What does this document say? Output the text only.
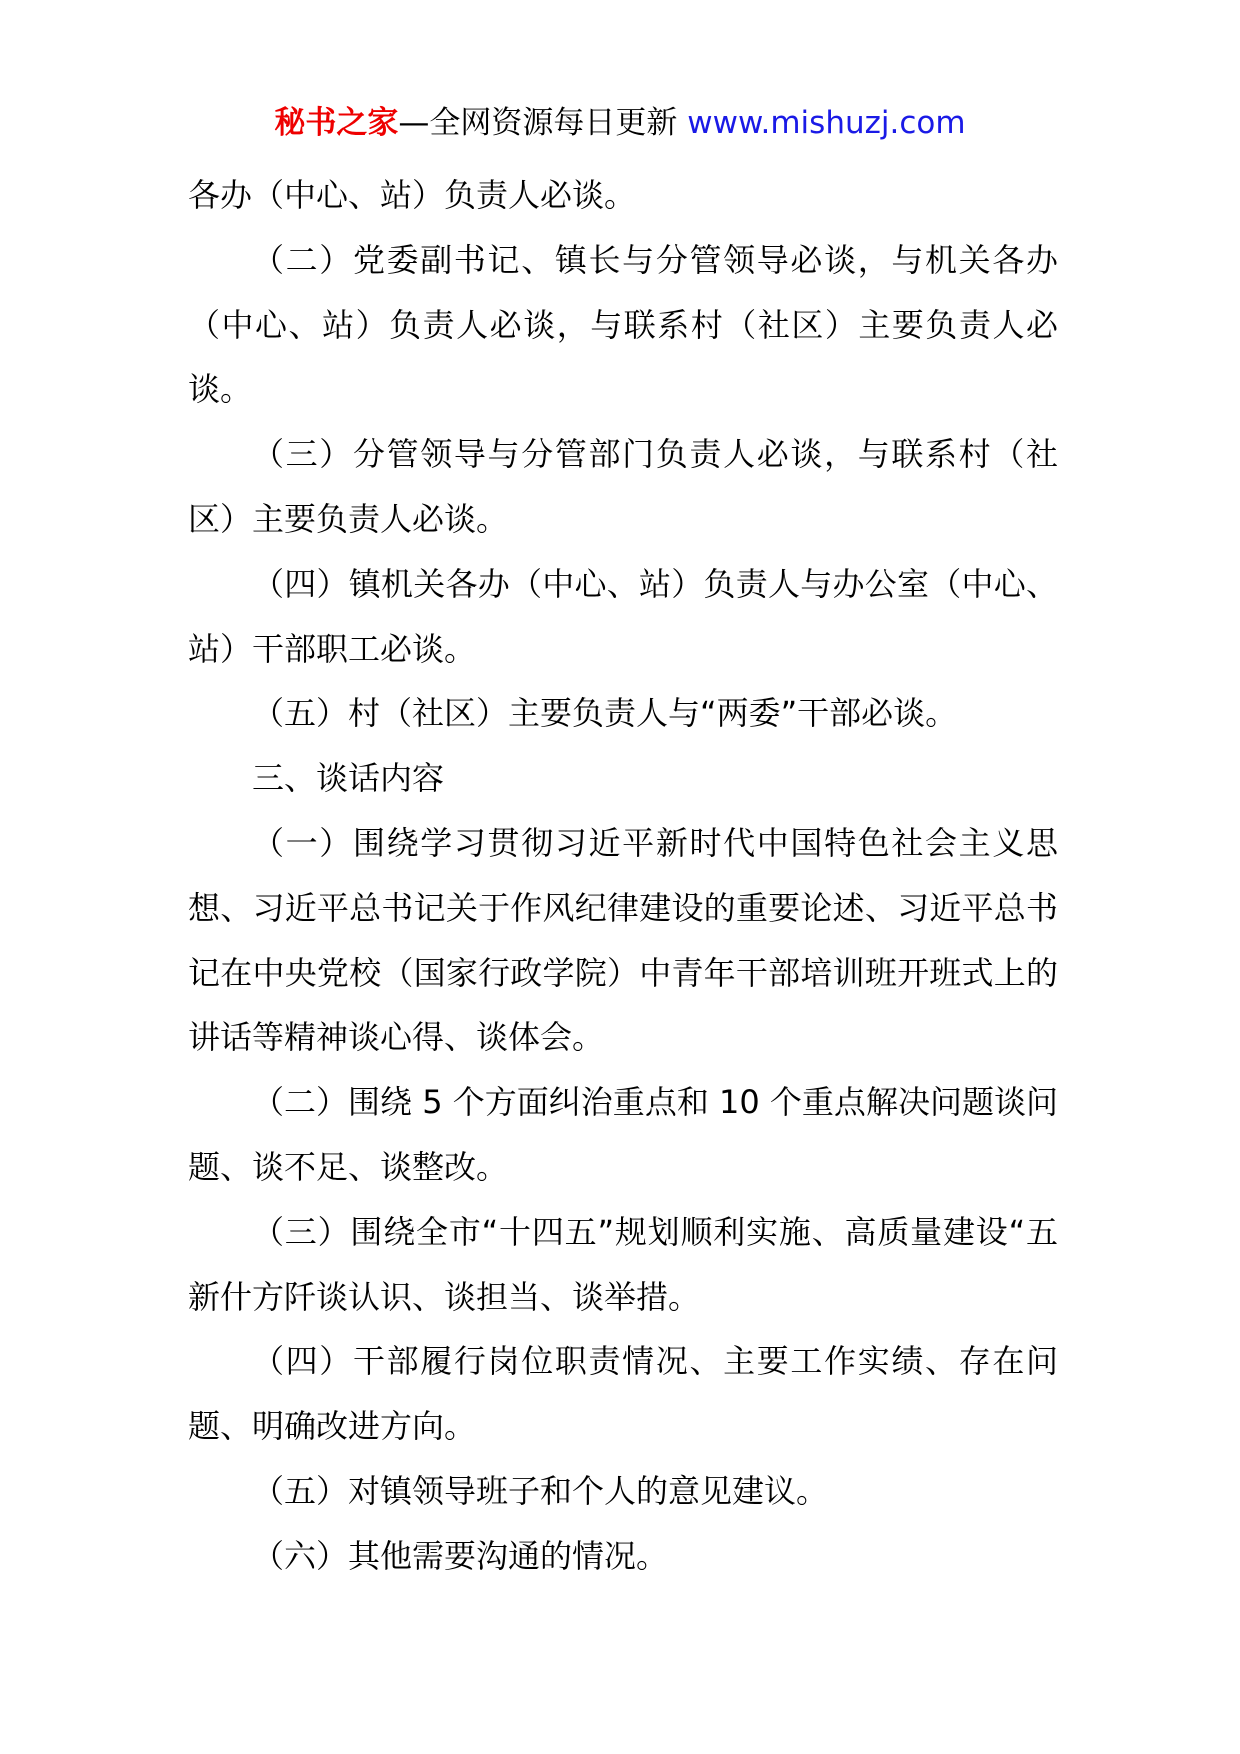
秘书之家—全网资源每日更新 www.mishuzj.com

各办（中心、站）负责人必谈。

（二）党委副书记、镇长与分管领导必谈，与机关各办（中心、站）负责人必谈，与联系村（社区）主要负责人必谈。

（三）分管领导与分管部门负责人必谈，与联系村（社区）主要负责人必谈。

（四）镇机关各办（中心、站）负责人与办公室（中心、站）干部职工必谈。

（五）村（社区）主要负责人与“两委”干部必谈。

三、谈话内容

（一）围绕学习贯彻习近平新时代中国特色社会主义思想、习近平总书记关于作风纪律建设的重要论述、习近平总书记在中央党校（国家行政学院）中青年干部培训班开班式上的讲话等精神谈心得、谈体会。

（二）围绕 5 个方面纠治重点和 10 个重点解决问题谈问题、谈不足、谈整改。

（三）围绕全市“十四五”规划顺利实施、高质量建设“五新什方阡谈认识、谈担当、谈举措。

（四）干部履行岗位职责情况、主要工作实绩、存在问题、明确改进方向。

（五）对镇领导班子和个人的意见建议。

（六）其他需要沟通的情况。
